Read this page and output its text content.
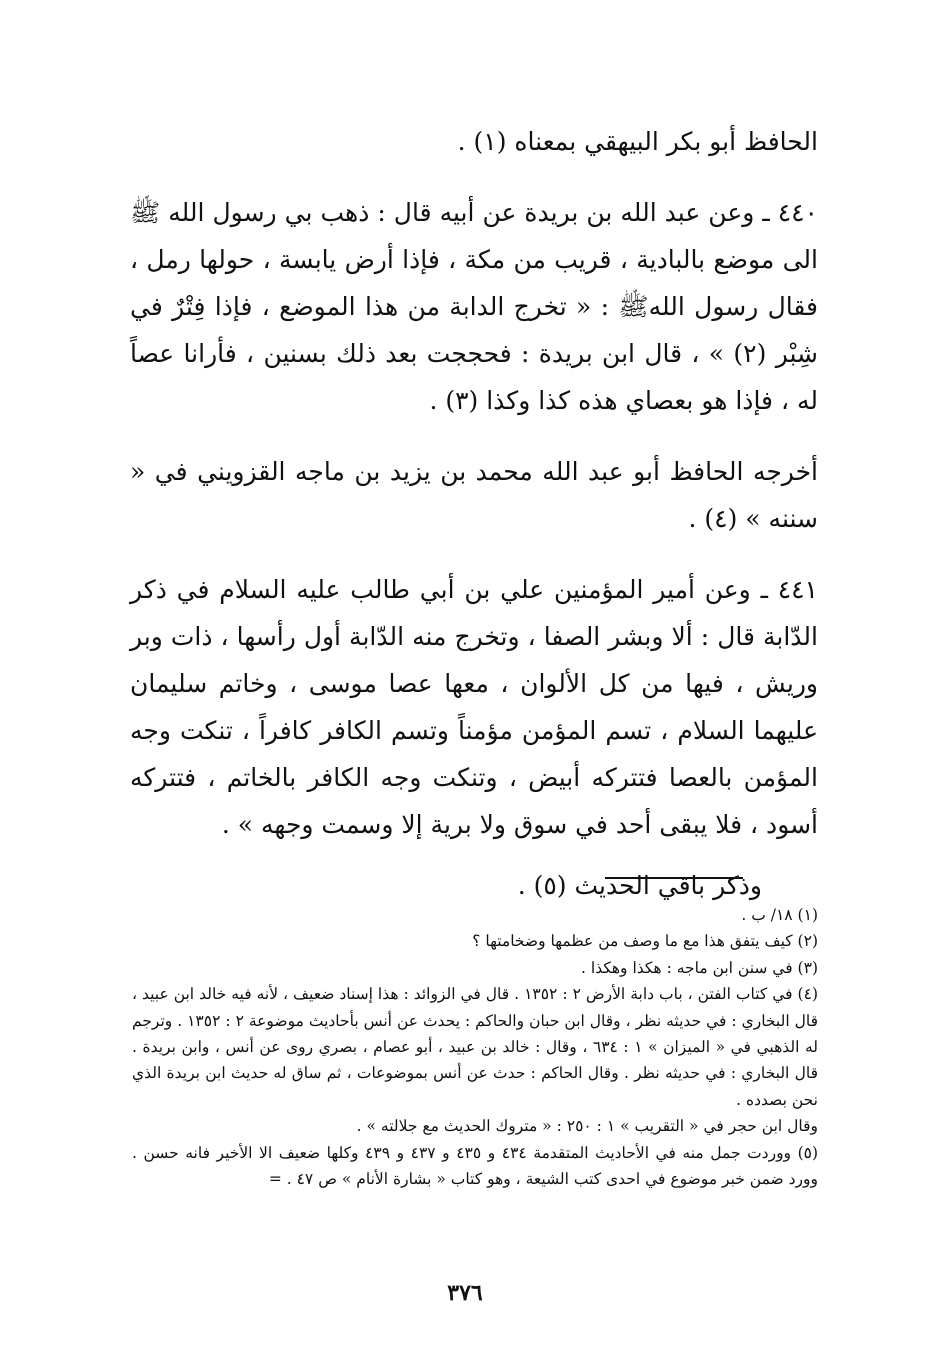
الحافظ أبو بكر البيهقي بمعناه (١) .

٤٤٠ ـ وعن عبد الله بن بريدة عن أبيه قال : ذهب بي رسول الله ﷺ الى موضع بالبادية ، قريب من مكة ، فإذا أرض يابسة ، حولها رمل ، فقال رسول اللهﷺ : « تخرج الدابة من هذا الموضع ، فإذا فِتْرٌ في شِبْر (٢) » ، قال ابن بريدة : فحججت بعد ذلك بسنين ، فأرانا عصاً له ، فإذا هو بعصاي هذه كذا وكذا (٣) .

أخرجه الحافظ أبو عبد الله محمد بن يزيد بن ماجه القزويني في « سننه » (٤) .

٤٤١ ـ وعن أمير المؤمنين علي بن أبي طالب عليه السلام في ذكر الدّابة قال : ألا وبشر الصفا ، وتخرج منه الدّابة أول رأسها ، ذات وبر وريش ، فيها من كل الألوان ، معها عصا موسى ، وخاتم سليمان عليهما السلام ، تسم المؤمن مؤمناً وتسم الكافر كافراً ، تنكت وجه المؤمن بالعصا فتتركه أبيض ، وتنكت وجه الكافر بالخاتم ، فتتركه أسود ، فلا يبقى أحد في سوق ولا برية إلا وسمت وجهه » .

وذكر باقي الحديث (٥) .

(١) ١٨/ ب .

(٢) كيف يتفق هذا مع ما وصف من عظمها وضخامتها ؟

(٣) في سنن ابن ماجه : هكذا وهكذا .

(٤) في كتاب الفتن ، باب دابة الأرض ٢ : ١٣٥٢ . قال في الزوائد : هذا إسناد ضعيف ، لأنه فيه خالد ابن عبيد ، قال البخاري : في حديثه نظر ، وقال ابن حبان والحاكم : يحدث عن أنس بأحاديث موضوعة ٢ : ١٣٥٢ . وترجم له الذهبي في « الميزان » ١ : ٦٣٤ ، وقال : خالد بن عبيد ، أبو عصام ، بصري روى عن أنس ، وابن بريدة . قال البخاري : في حديثه نظر . وقال الحاكم : حدث عن أنس بموضوعات ، ثم ساق له حديث ابن بريدة الذي نحن بصدده .

وقال ابن حجر في « التقريب » ١ : ٢٥٠ : « متروك الحديث مع جلالته » .

(٥) ووردت جمل منه في الأحاديث المتقدمة ٤٣٤ و ٤٣٥ و ٤٣٧ و ٤٣٩ وكلها ضعيف الا الأخير فانه حسن . وورد ضمن خبر موضوع في احدى كتب الشيعة ، وهو كتاب « بشارة الأنام » ص ٤٧ . =

٣٧٦
